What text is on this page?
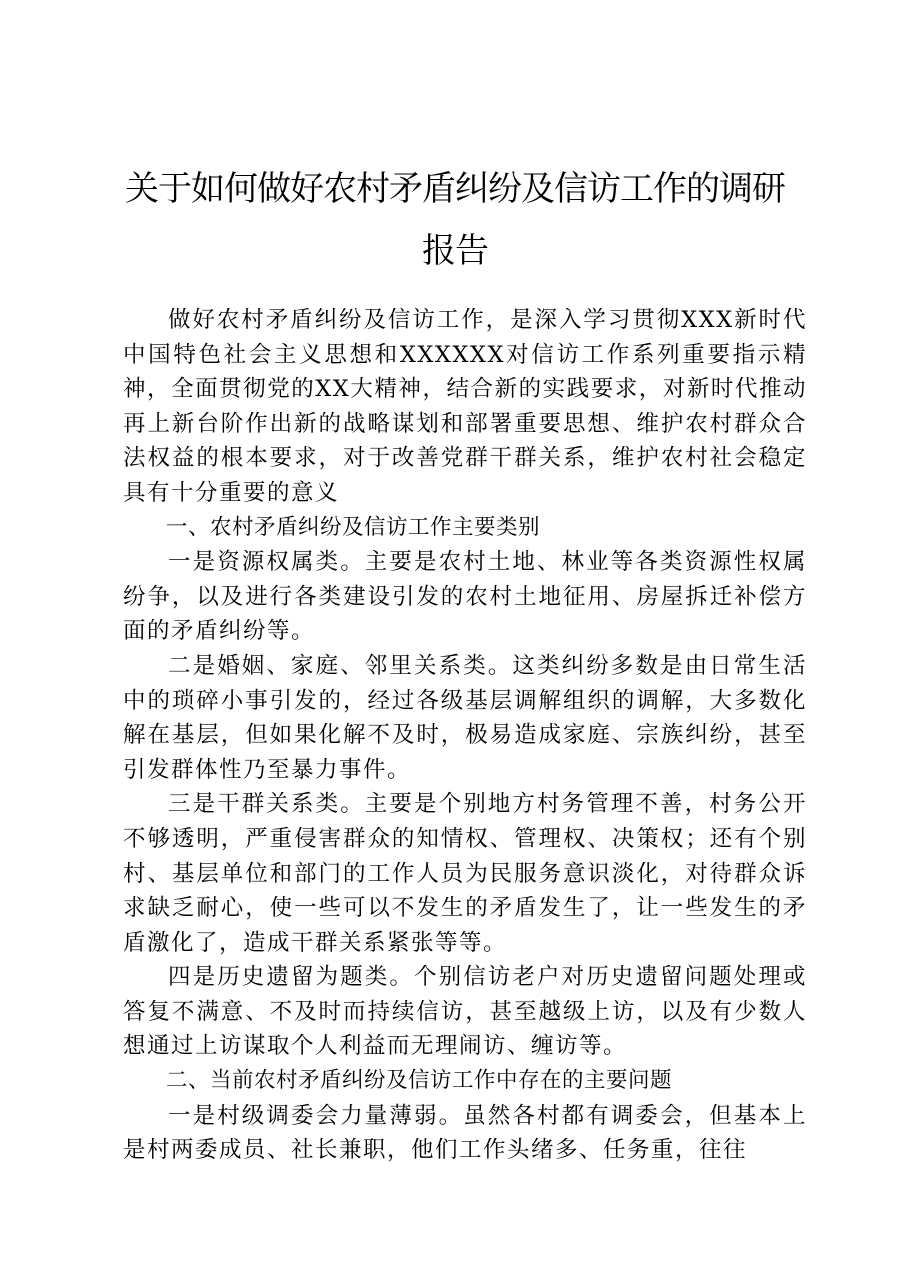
关于如何做好农村矛盾纠纷及信访工作的调研报告

做好农村矛盾纠纷及信访工作，是深入学习贯彻XXX新时代中国特色社会主义思想和XXXXXX对信访工作系列重要指示精神，全面贯彻党的XX大精神，结合新的实践要求，对新时代推动再上新台阶作出新的战略谋划和部署重要思想、维护农村群众合法权益的根本要求，对于改善党群干群关系，维护农村社会稳定具有十分重要的意义

一、农村矛盾纠纷及信访工作主要类别

一是资源权属类。主要是农村土地、林业等各类资源性权属纷争，以及进行各类建设引发的农村土地征用、房屋拆迁补偿方面的矛盾纠纷等。

二是婚姻、家庭、邻里关系类。这类纠纷多数是由日常生活中的琐碎小事引发的，经过各级基层调解组织的调解，大多数化解在基层，但如果化解不及时，极易造成家庭、宗族纠纷，甚至引发群体性乃至暴力事件。

三是干群关系类。主要是个别地方村务管理不善，村务公开不够透明，严重侵害群众的知情权、管理权、决策权；还有个别村、基层单位和部门的工作人员为民服务意识淡化，对待群众诉求缺乏耐心，使一些可以不发生的矛盾发生了，让一些发生的矛盾激化了，造成干群关系紧张等等。

四是历史遗留为题类。个别信访老户对历史遗留问题处理或答复不满意、不及时而持续信访，甚至越级上访，以及有少数人想通过上访谋取个人利益而无理闹访、缠访等。

二、当前农村矛盾纠纷及信访工作中存在的主要问题

一是村级调委会力量薄弱。虽然各村都有调委会，但基本上是村两委成员、社长兼职，他们工作头绪多、任务重，往往
